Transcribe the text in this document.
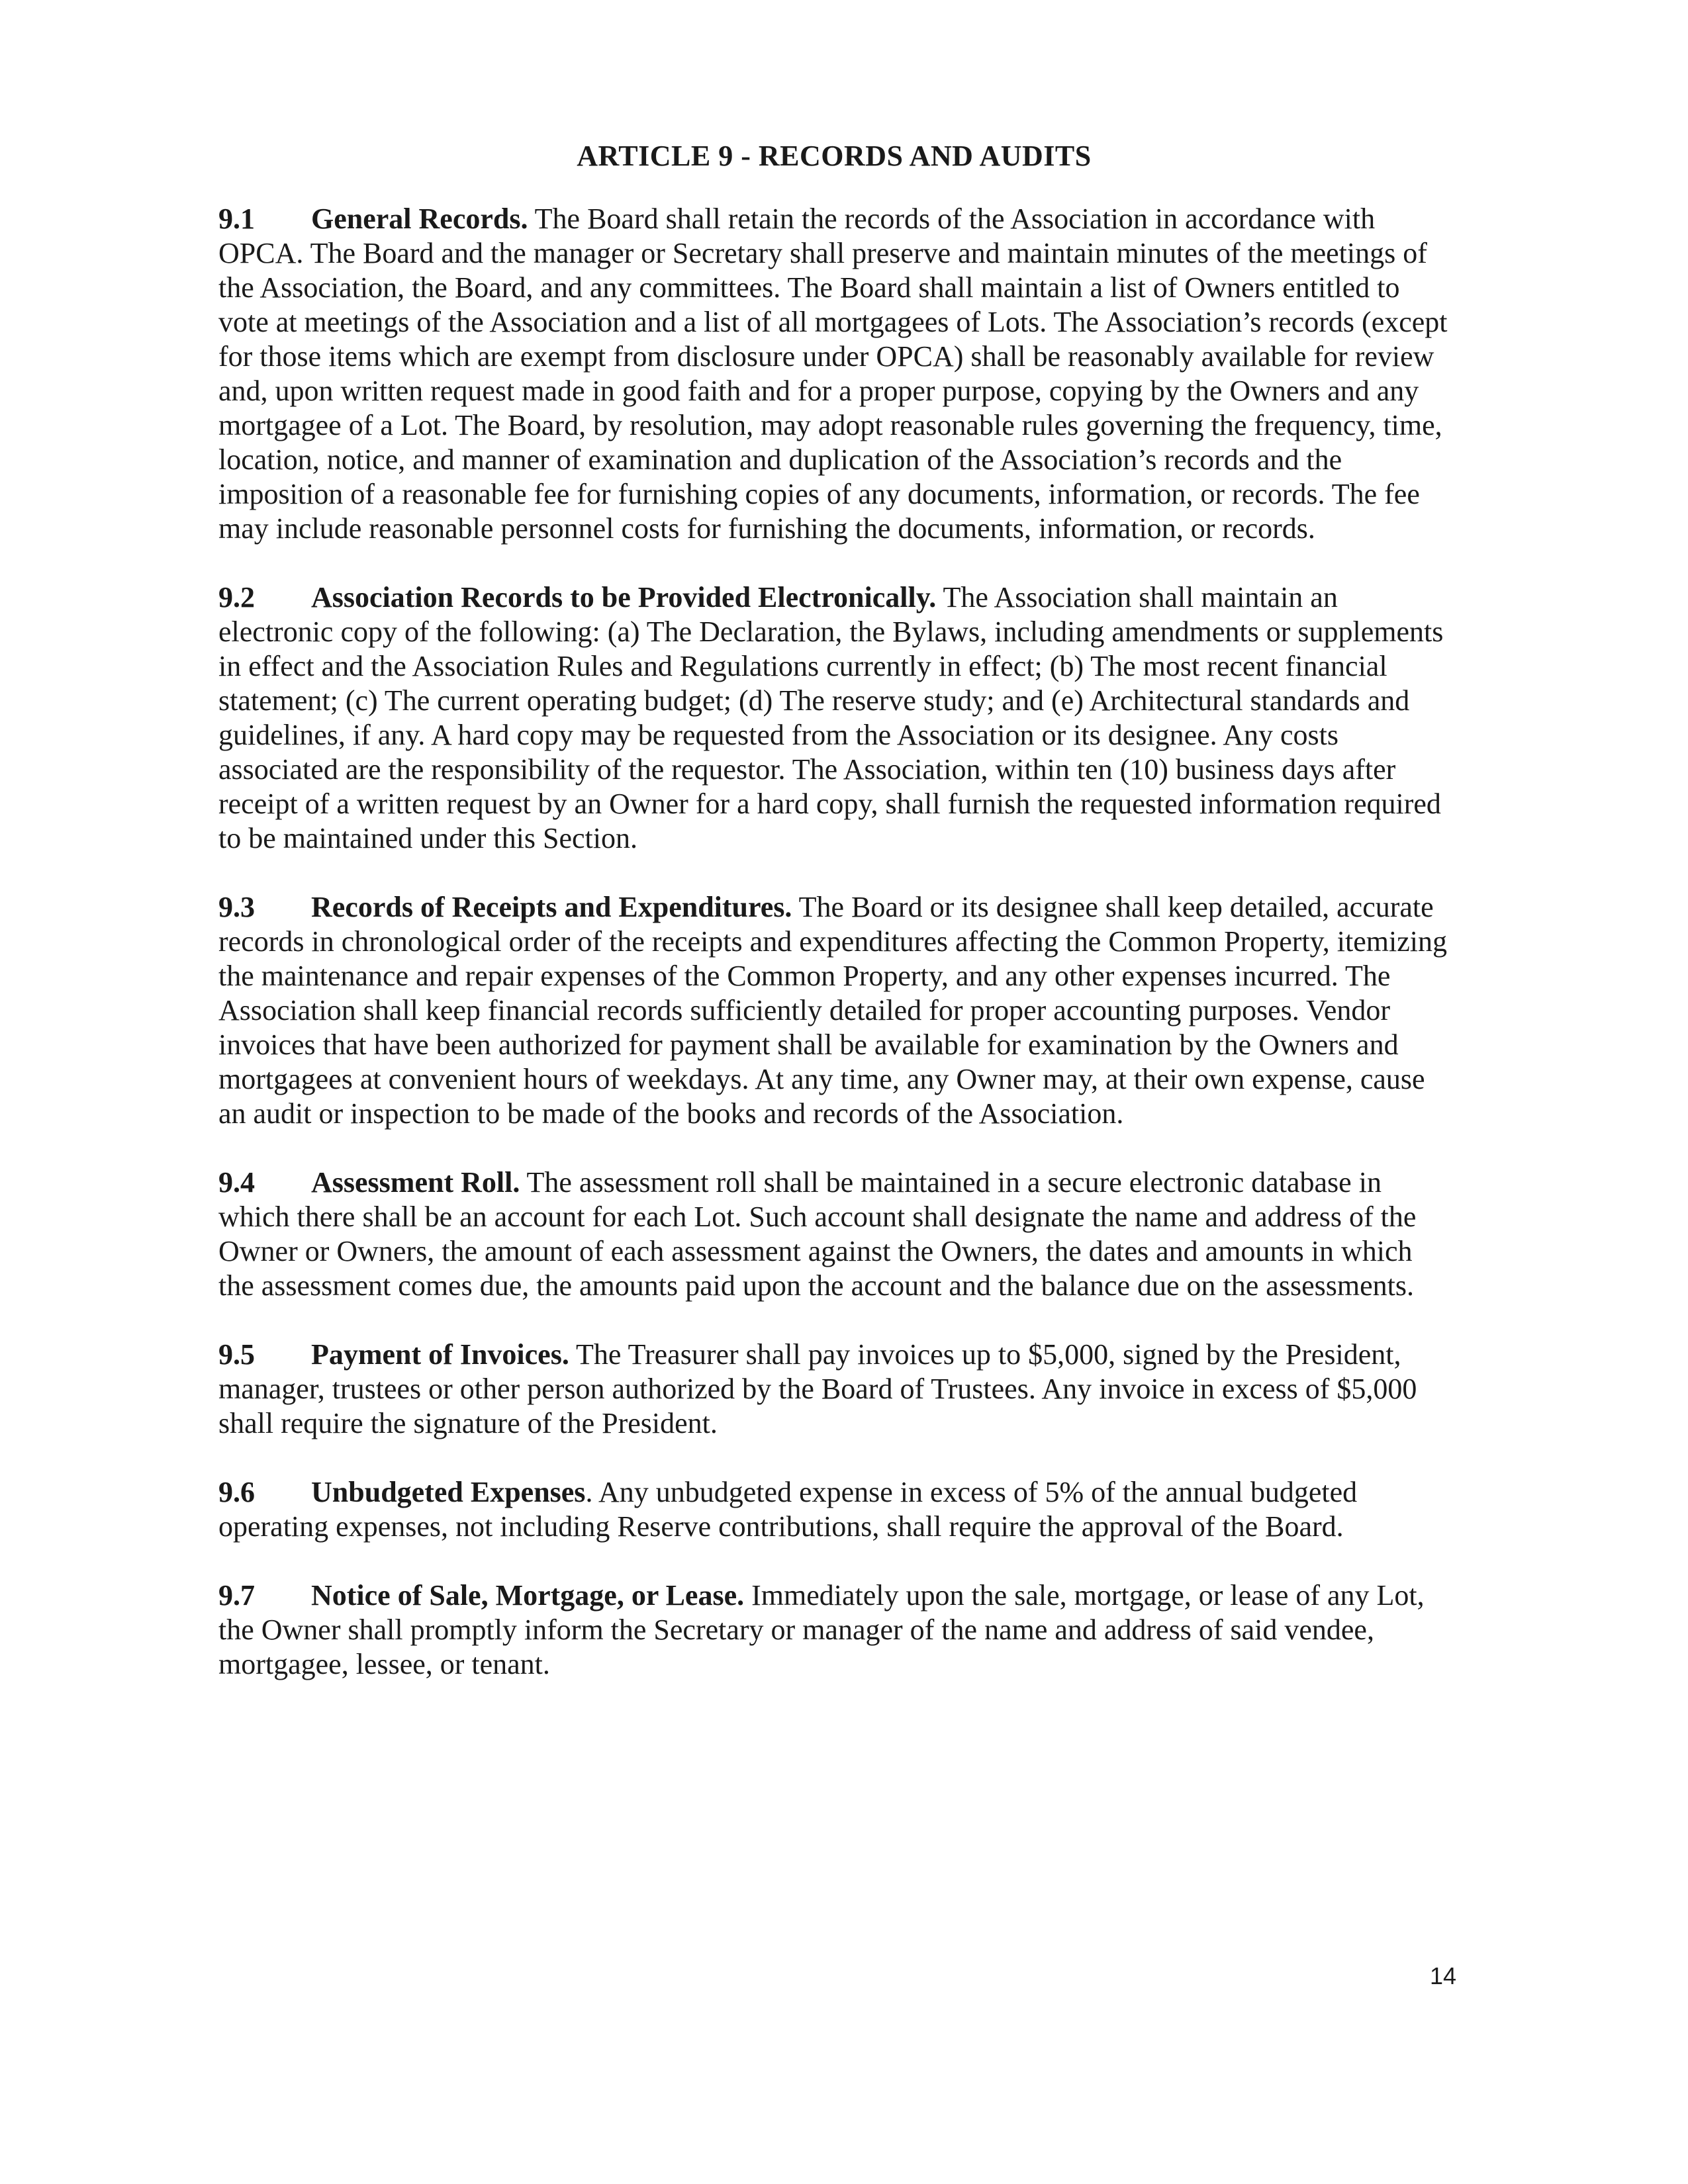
ARTICLE 9 - RECORDS AND AUDITS

9.1 General Records. The Board shall retain the records of the Association in accordance with OPCA. The Board and the manager or Secretary shall preserve and maintain minutes of the meetings of the Association, the Board, and any committees. The Board shall maintain a list of Owners entitled to vote at meetings of the Association and a list of all mortgagees of Lots. The Association’s records (except for those items which are exempt from disclosure under OPCA) shall be reasonably available for review and, upon written request made in good faith and for a proper purpose, copying by the Owners and any mortgagee of a Lot. The Board, by resolution, may adopt reasonable rules governing the frequency, time, location, notice, and manner of examination and duplication of the Association’s records and the imposition of a reasonable fee for furnishing copies of any documents, information, or records. The fee may include reasonable personnel costs for furnishing the documents, information, or records.

9.2 Association Records to be Provided Electronically. The Association shall maintain an electronic copy of the following: (a) The Declaration, the Bylaws, including amendments or supplements in effect and the Association Rules and Regulations currently in effect; (b) The most recent financial statement; (c) The current operating budget; (d) The reserve study; and (e) Architectural standards and guidelines, if any. A hard copy may be requested from the Association or its designee. Any costs associated are the responsibility of the requestor. The Association, within ten (10) business days after receipt of a written request by an Owner for a hard copy, shall furnish the requested information required to be maintained under this Section.

9.3 Records of Receipts and Expenditures. The Board or its designee shall keep detailed, accurate records in chronological order of the receipts and expenditures affecting the Common Property, itemizing the maintenance and repair expenses of the Common Property, and any other expenses incurred. The Association shall keep financial records sufficiently detailed for proper accounting purposes. Vendor invoices that have been authorized for payment shall be available for examination by the Owners and mortgagees at convenient hours of weekdays. At any time, any Owner may, at their own expense, cause an audit or inspection to be made of the books and records of the Association.

9.4 Assessment Roll. The assessment roll shall be maintained in a secure electronic database in which there shall be an account for each Lot. Such account shall designate the name and address of the Owner or Owners, the amount of each assessment against the Owners, the dates and amounts in which the assessment comes due, the amounts paid upon the account and the balance due on the assessments.

9.5 Payment of Invoices. The Treasurer shall pay invoices up to $5,000, signed by the President, manager, trustees or other person authorized by the Board of Trustees. Any invoice in excess of $5,000 shall require the signature of the President.

9.6 Unbudgeted Expenses. Any unbudgeted expense in excess of 5% of the annual budgeted operating expenses, not including Reserve contributions, shall require the approval of the Board.

9.7 Notice of Sale, Mortgage, or Lease. Immediately upon the sale, mortgage, or lease of any Lot, the Owner shall promptly inform the Secretary or manager of the name and address of said vendee, mortgagee, lessee, or tenant.

14
